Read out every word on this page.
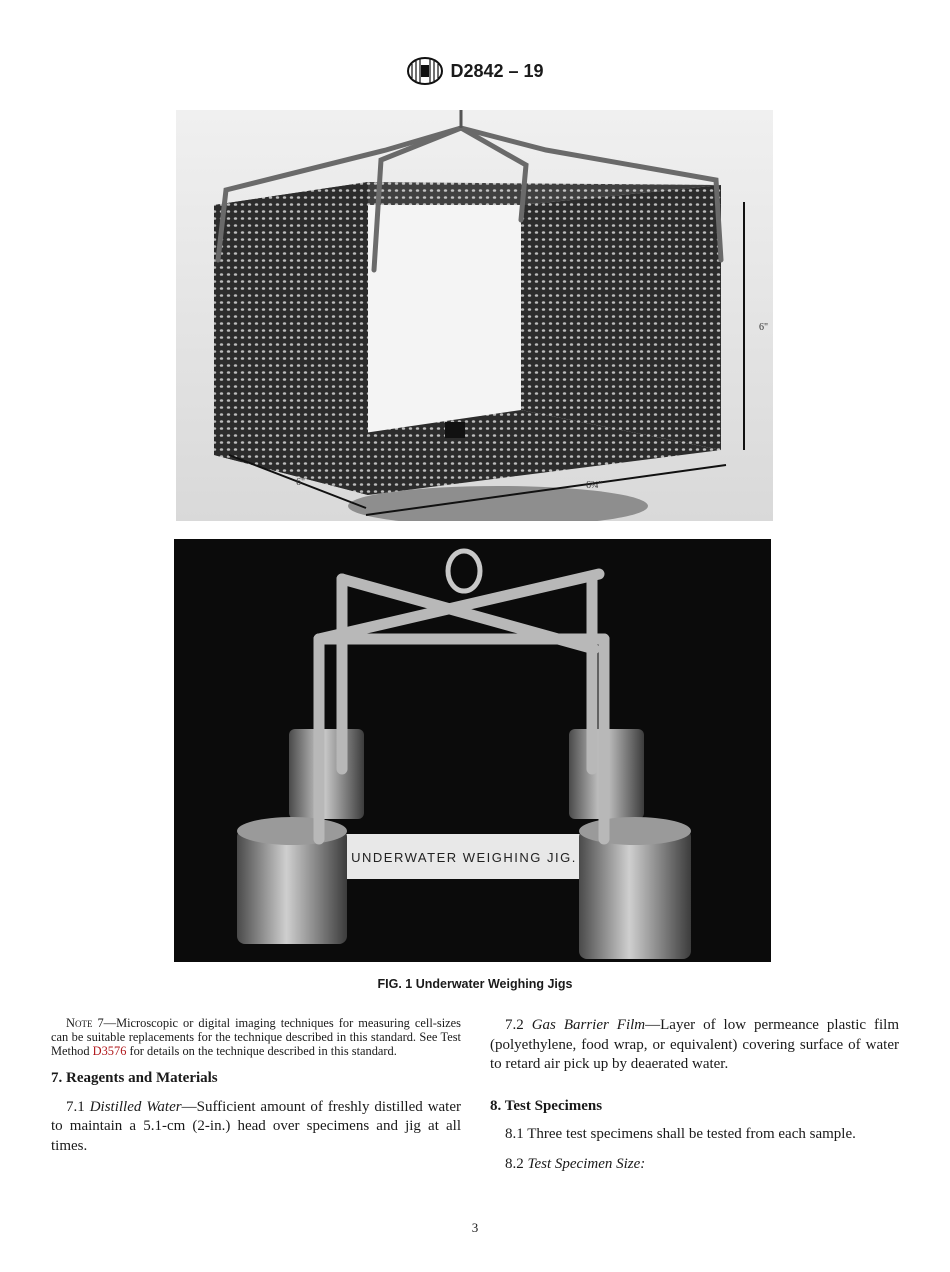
D2842 – 19
6"	6¾"
6"
UNDERWATER WEIGHING JIG.
FIG. 1 Underwater Weighing Jigs

Note 7—Microscopic or digital imaging techniques for measuring cell-sizes can be suitable replacements for the technique described in this standard. See Test Method D3576 for details on the technique described in this standard.

7. Reagents and Materials

7.1 Distilled Water—Sufficient amount of freshly distilled water to maintain a 5.1-cm (2-in.) head over specimens and jig at all times.

7.2 Gas Barrier Film—Layer of low permeance plastic film (polyethylene, food wrap, or equivalent) covering surface of water to retard air pick up by deaerated water.

8. Test Specimens

8.1 Three test specimens shall be tested from each sample.

8.2 Test Specimen Size:

3
